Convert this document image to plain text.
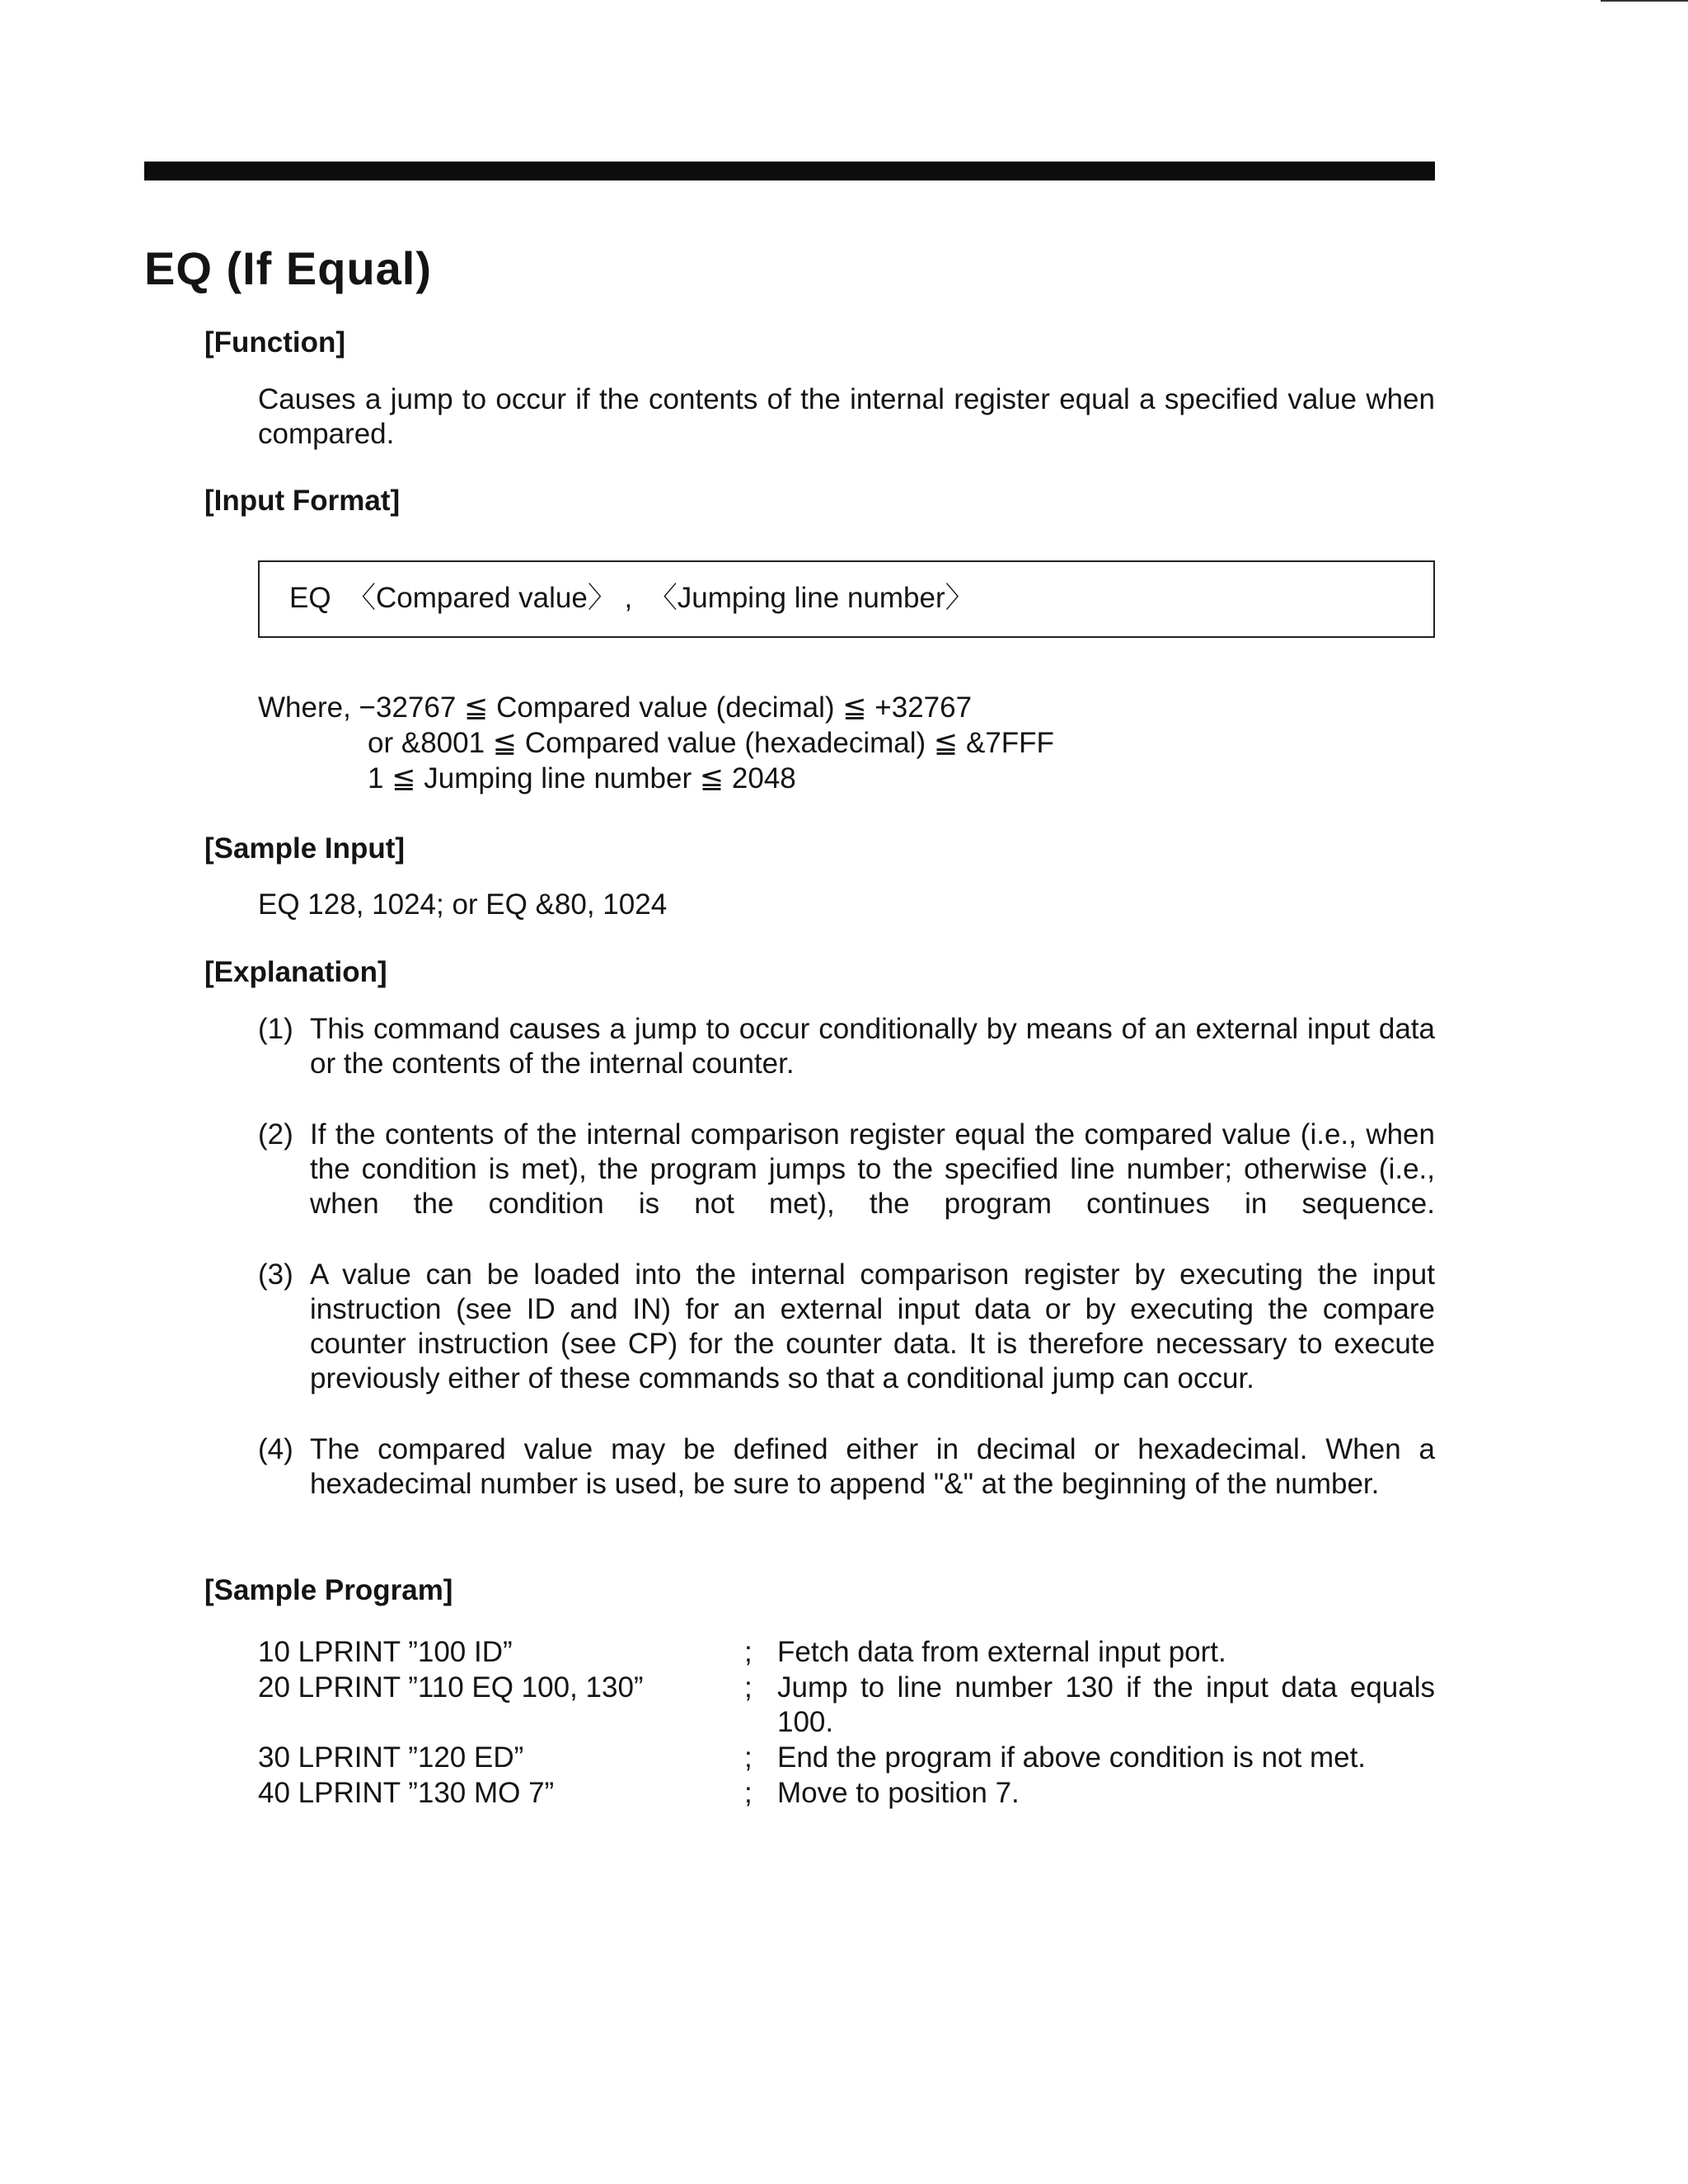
EQ (If Equal)
[Function]

Causes a jump to occur if the contents of the internal register equal a specified value when compared.

[Input Format]
EQ  〈Compared value〉 ,  〈Jumping line number〉
Where, −32767 ≦ Compared value (decimal) ≦ +32767
or &8001 ≦ Compared value (hexadecimal) ≦ &7FFF
1 ≦ Jumping line number ≦ 2048
[Sample Input]
EQ 128, 1024; or EQ &80, 1024
[Explanation]
(1) This command causes a jump to occur conditionally by means of an external input data or the contents of the internal counter.

(2) If the contents of the internal comparison register equal the compared value (i.e., when the condition is met), the program jumps to the specified line number; otherwise (i.e., when the condition is not met), the program continues in sequence.

(3) A value can be loaded into the internal comparison register by executing the input instruction (see ID and IN) for an external input data or by executing the compare counter instruction (see CP) for the counter data. It is therefore necessary to execute previously either of these commands so that a conditional jump can occur.

(4) The compared value may be defined either in decimal or hexadecimal. When a hexadecimal number is used, be sure to append "&" at the beginning of the number.

[Sample Program]
10 LPRINT ”100 ID”	; Fetch data from external input port.

20 LPRINT ”110 EQ 100, 130”	; Jump to line number 130 if the input data equals 100.

30 LPRINT ”120 ED”	; End the program if above condition is not met.

40 LPRINT ”130 MO 7”	; Move to position 7.
